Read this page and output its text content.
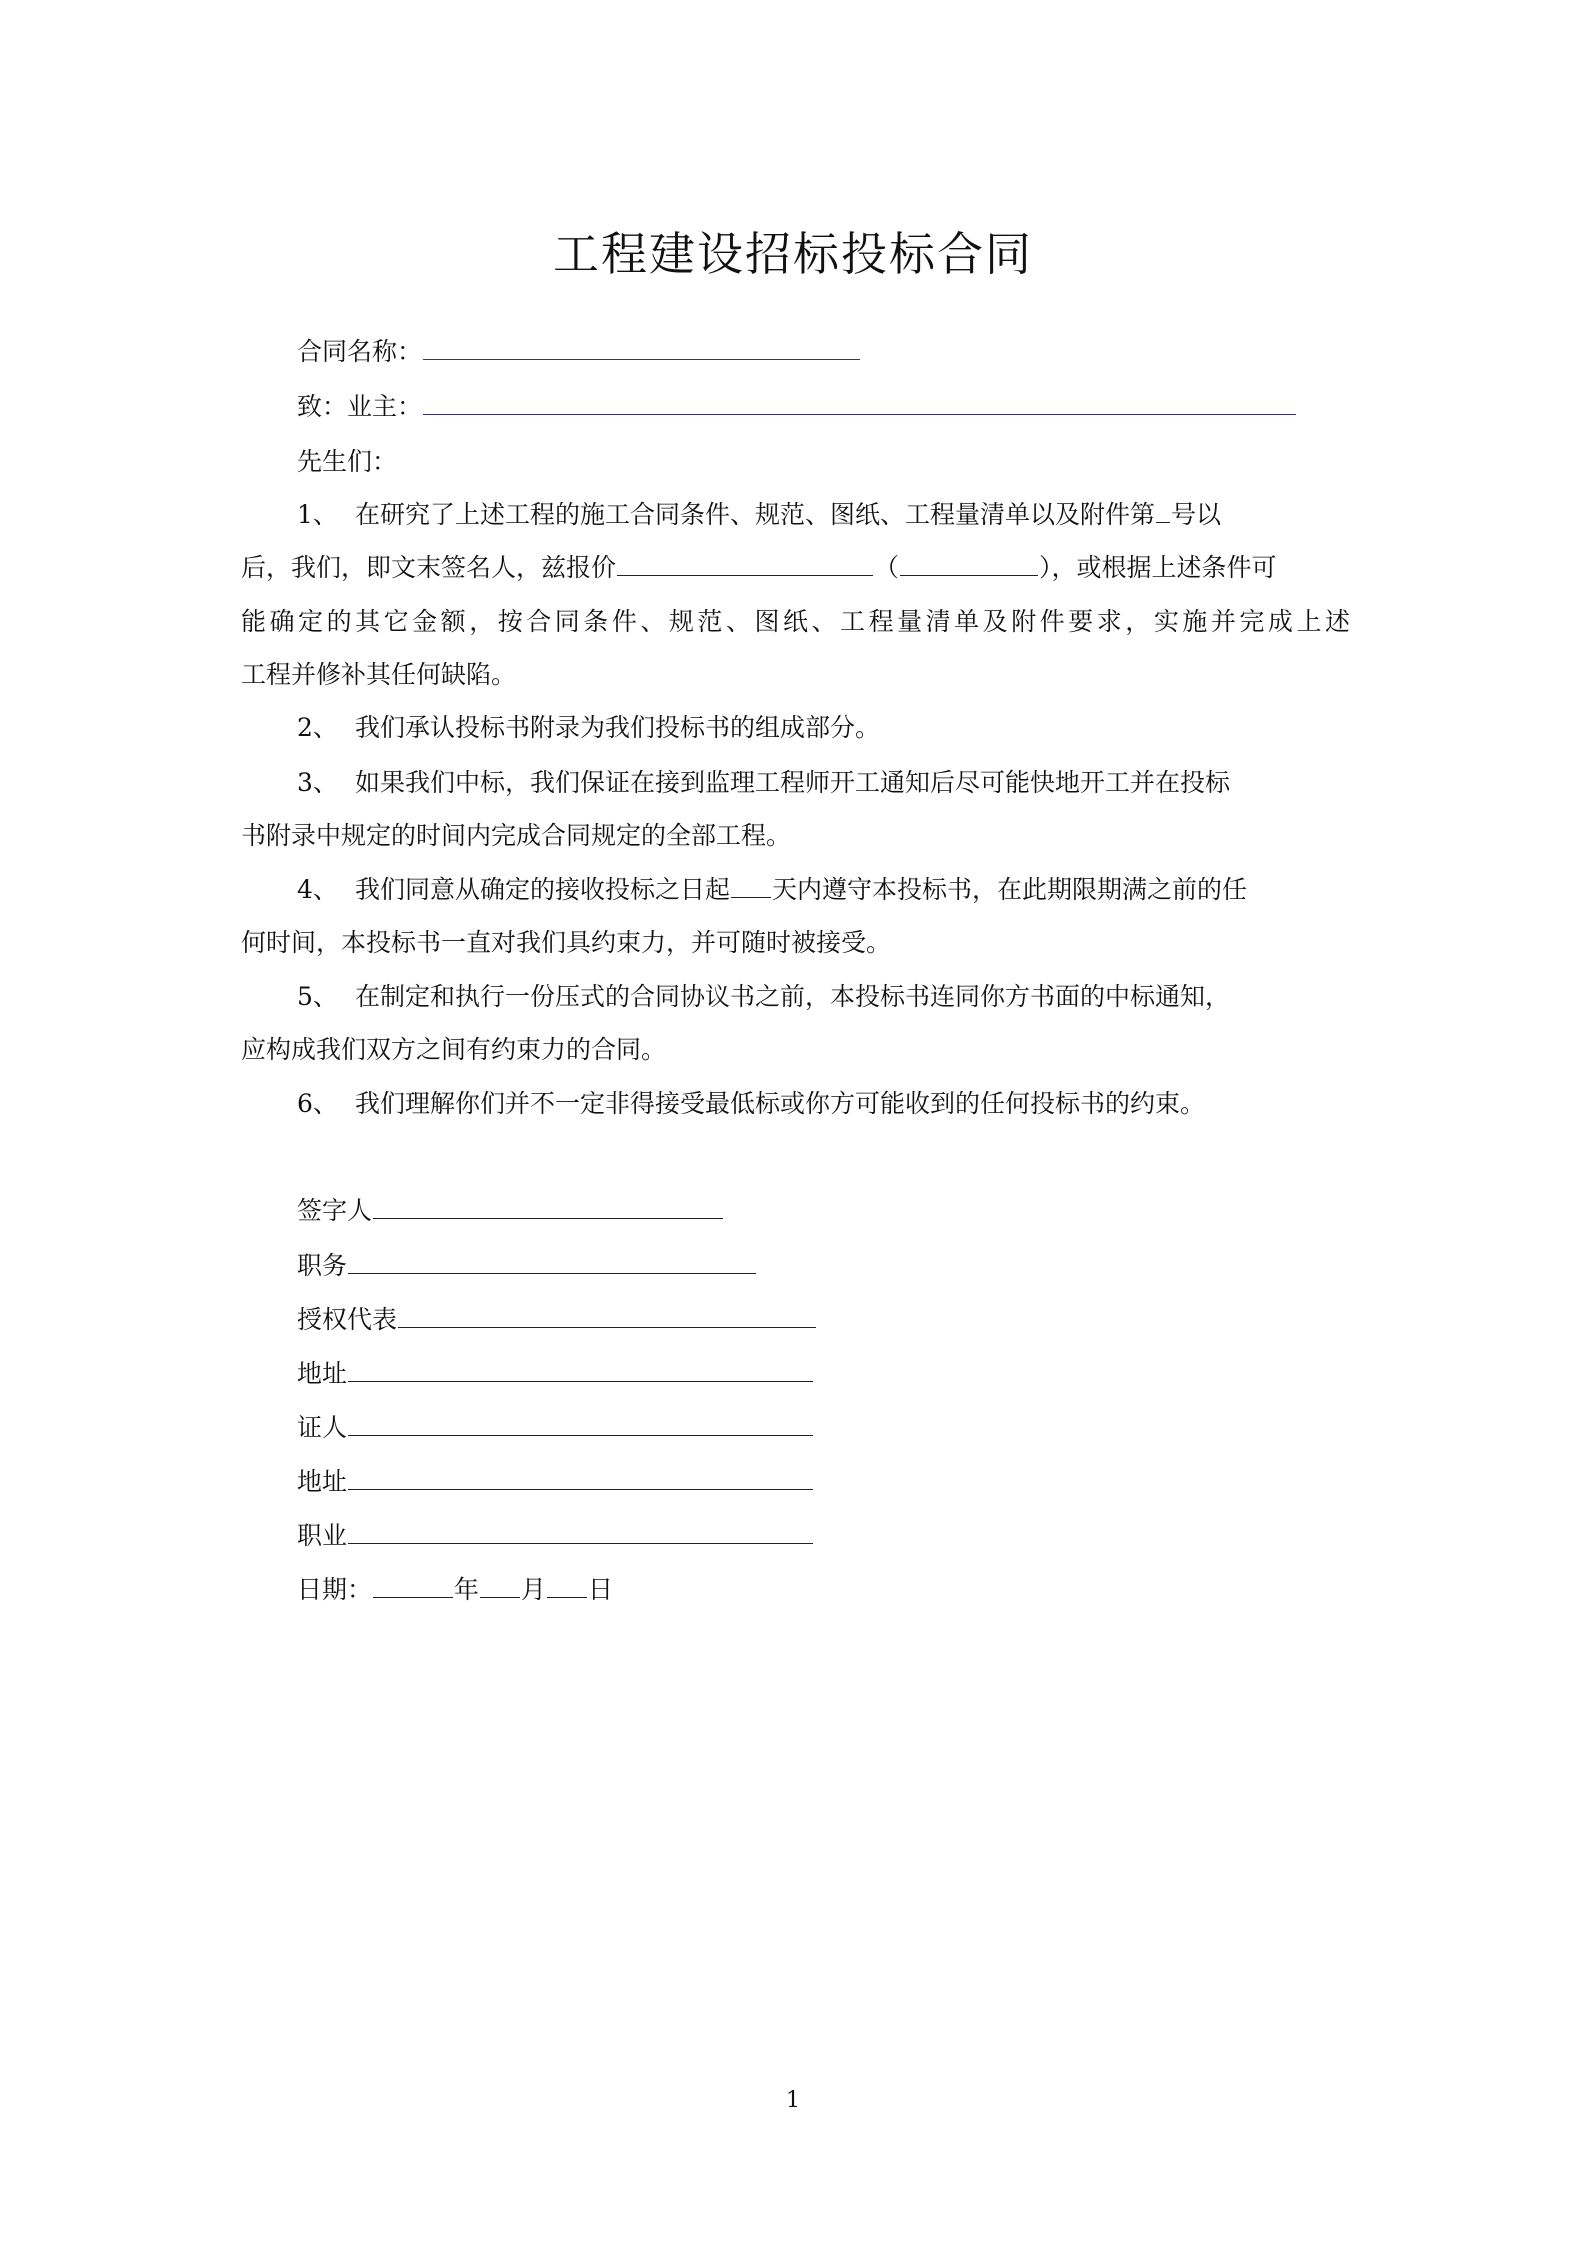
工程建设招标投标合同
合同名称：
致：业主：
先生们：
1、 在研究了上述工程的施工合同条件、规范、图纸、工程量清单以及附件第 号以
后，我们，即文末签名人，兹报价	（	），或根据上述条件可
能确定的其它金额，按合同条件、规范、图纸、工程量清单及附件要求，实施并完成上述
工程并修补其任何缺陷。
2、 我们承认投标书附录为我们投标书的组成部分。
3、 如果我们中标，我们保证在接到监理工程师开工通知后尽可能快地开工并在投标
书附录中规定的时间内完成合同规定的全部工程。
4、 我们同意从确定的接收投标之日起 天内遵守本投标书，在此期限期满之前的任
何时间，本投标书一直对我们具约束力，并可随时被接受。
5、 在制定和执行一份压式的合同协议书之前，本投标书连同你方书面的中标通知，
应构成我们双方之间有约束力的合同。
6、 我们理解你们并不一定非得接受最低标或你方可能收到的任何投标书的约束。
签字人
职务
授权代表
地址
证人
地址
职业
日期：	年 月 日
1
